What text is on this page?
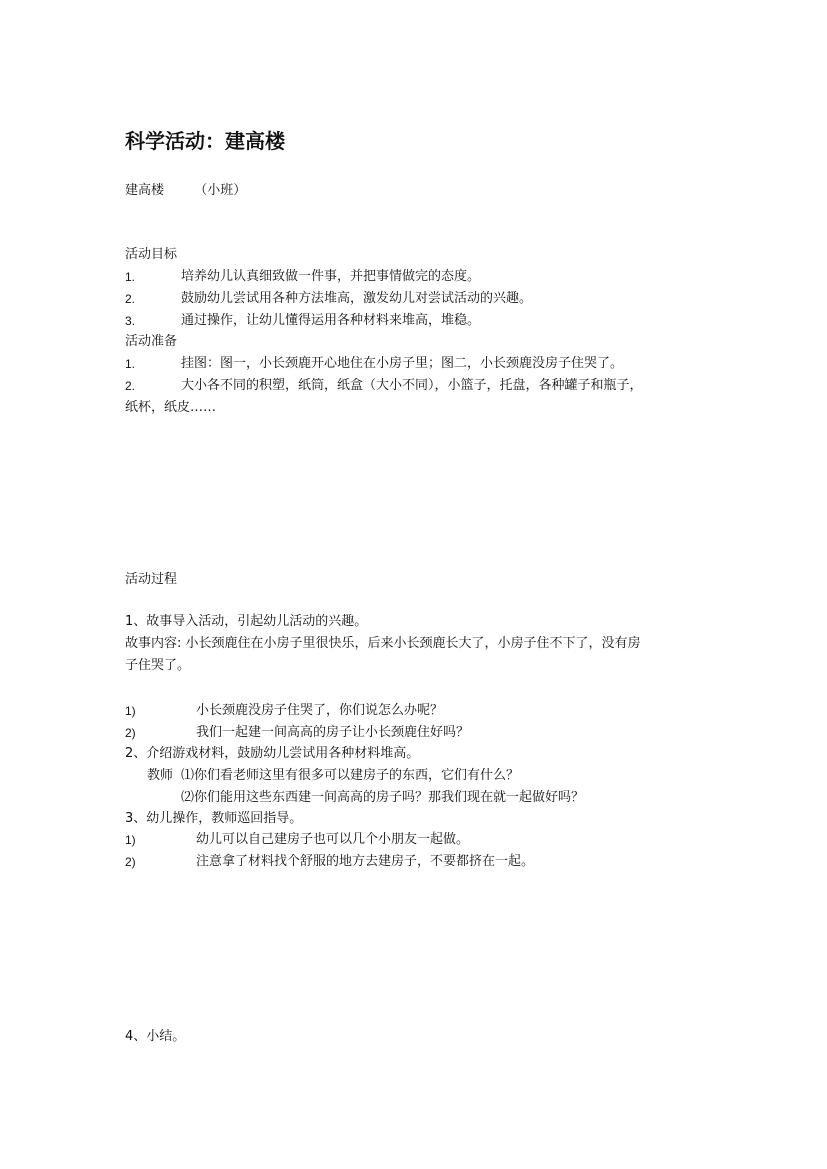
科学活动：建高楼
建高楼 （小班）
活动目标
1.	培养幼儿认真细致做一件事，并把事情做完的态度。
2.	鼓励幼儿尝试用各种方法堆高，激发幼儿对尝试活动的兴趣。
3.	通过操作，让幼儿懂得运用各种材料来堆高，堆稳。
活动准备
1.	挂图：图一，小长颈鹿开心地住在小房子里；图二，小长颈鹿没房子住哭了。
2.	大小各不同的积塑，纸筒，纸盒（大小不同），小篮子，托盘，各种罐子和瓶子，
纸杯，纸皮……
活动过程
1、故事导入活动，引起幼儿活动的兴趣。
故事内容: 小长颈鹿住在小房子里很快乐，后来小长颈鹿长大了，小房子住不下了，没有房
子住哭了。
1)	小长颈鹿没房子住哭了，你们说怎么办呢？
2)	我们一起建一间高高的房子让小长颈鹿住好吗？
2、介绍游戏材料，鼓励幼儿尝试用各种材料堆高。
教师 ⑴你们看老师这里有很多可以建房子的东西，它们有什么？
⑵你们能用这些东西建一间高高的房子吗？那我们现在就一起做好吗？
3、幼儿操作，教师巡回指导。
1)	幼儿可以自己建房子也可以几个小朋友一起做。
2)	注意拿了材料找个舒服的地方去建房子，不要都挤在一起。
4、小结。
